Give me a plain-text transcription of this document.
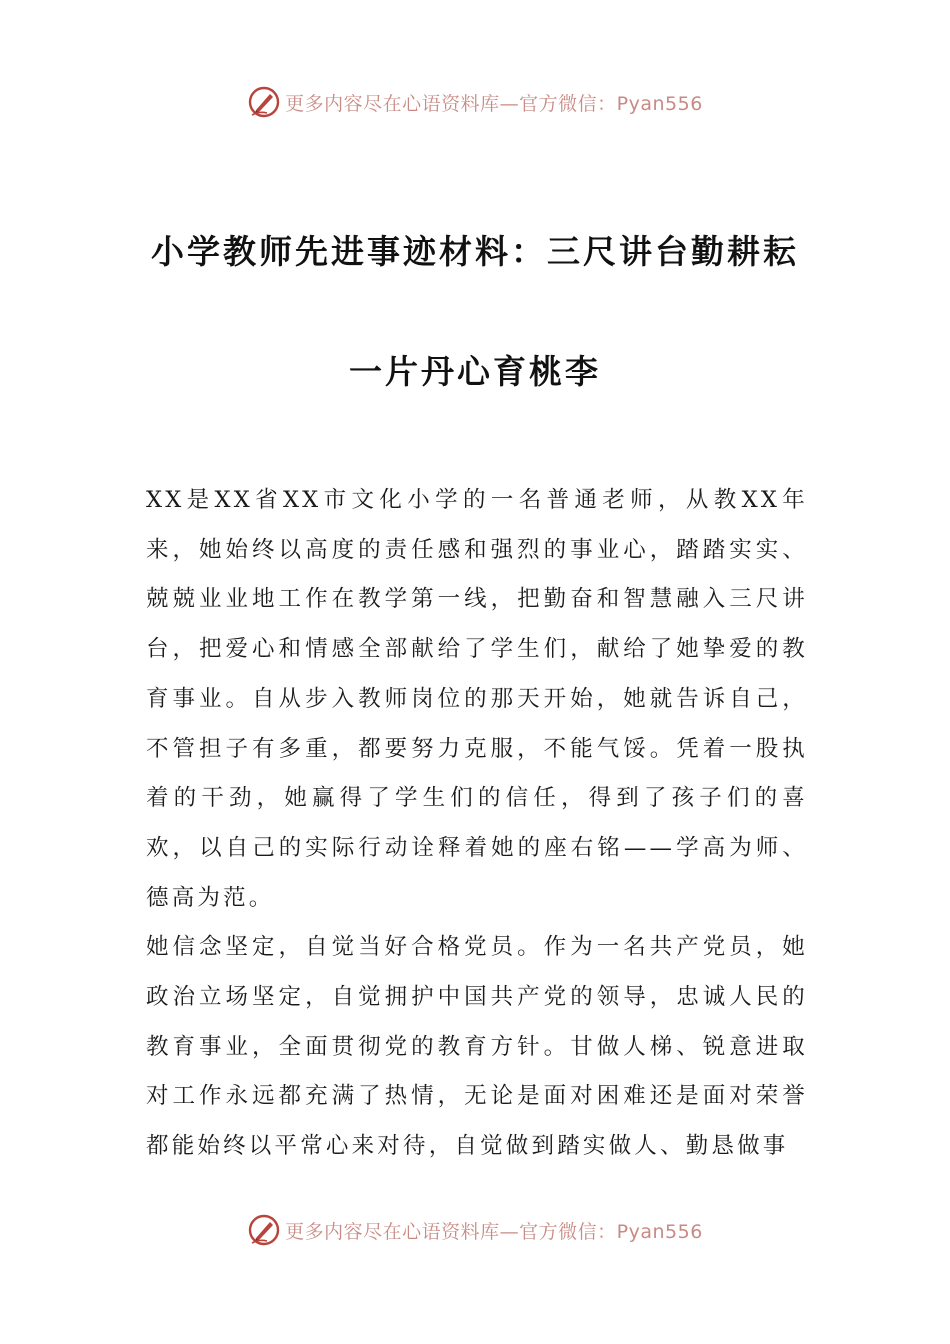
更多内容尽在心语资料库—官方微信：Pyan556
小学教师先进事迹材料：三尺讲台勤耕耘
一片丹心育桃李

XX是XX省XX市文化小学的一名普通老师，从教XX年来，她始终以高度的责任感和强烈的事业心，踏踏实实、兢兢业业地工作在教学第一线，把勤奋和智慧融入三尺讲台，把爱心和情感全部献给了学生们，献给了她挚爱的教育事业。自从步入教师岗位的那天开始，她就告诉自己，不管担子有多重，都要努力克服，不能气馁。凭着一股执着的干劲，她赢得了学生们的信任，得到了孩子们的喜欢，以自己的实际行动诠释着她的座右铭——学高为师、德高为范。

她信念坚定，自觉当好合格党员。作为一名共产党员，她政治立场坚定，自觉拥护中国共产党的领导，忠诚人民的教育事业，全面贯彻党的教育方针。甘做人梯、锐意进取对工作永远都充满了热情，无论是面对困难还是面对荣誉都能始终以平常心来对待，自觉做到踏实做人、勤恳做事

更多内容尽在心语资料库—官方微信：Pyan556
